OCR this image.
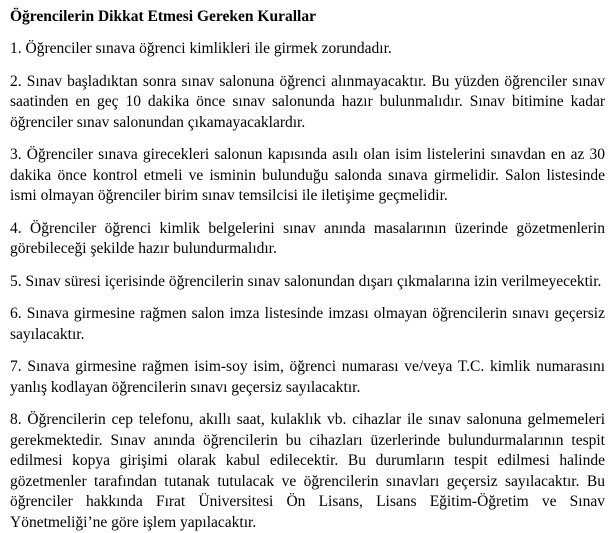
Öğrencilerin Dikkat Etmesi Gereken Kurallar
1. Öğrenciler sınava öğrenci kimlikleri ile girmek zorundadır.
2. Sınav başladıktan sonra sınav salonuna öğrenci alınmayacaktır. Bu yüzden öğrenciler sınav saatinden en geç 10 dakika önce sınav salonunda hazır bulunmalıdır. Sınav bitimine kadar öğrenciler sınav salonundan çıkamayacaklardır.
3. Öğrenciler sınava girecekleri salonun kapısında asılı olan isim listelerini sınavdan en az 30 dakika önce kontrol etmeli ve isminin bulunduğu salonda sınava girmelidir. Salon listesinde ismi olmayan öğrenciler birim sınav temsilcisi ile iletişime geçmelidir.
4. Öğrenciler öğrenci kimlik belgelerini sınav anında masalarının üzerinde gözetmenlerin görebileceği şekilde hazır bulundurmalıdır.
5. Sınav süresi içerisinde öğrencilerin sınav salonundan dışarı çıkmalarına izin verilmeyecektir.
6. Sınava girmesine rağmen salon imza listesinde imzası olmayan öğrencilerin sınavı geçersiz sayılacaktır.
7. Sınava girmesine rağmen isim-soy isim, öğrenci numarası ve/veya T.C. kimlik numarasını yanlış kodlayan öğrencilerin sınavı geçersiz sayılacaktır.
8. Öğrencilerin cep telefonu, akıllı saat, kulaklık vb. cihazlar ile sınav salonuna gelmemeleri gerekmektedir. Sınav anında öğrencilerin bu cihazları üzerlerinde bulundurmalarının tespit edilmesi kopya girişimi olarak kabul edilecektir. Bu durumların tespit edilmesi halinde gözetmenler tarafından tutanak tutulacak ve öğrencilerin sınavları geçersiz sayılacaktır. Bu öğrenciler hakkında Fırat Üniversitesi Ön Lisans, Lisans Eğitim-Öğretim ve Sınav Yönetmeliği’ne göre işlem yapılacaktır.
